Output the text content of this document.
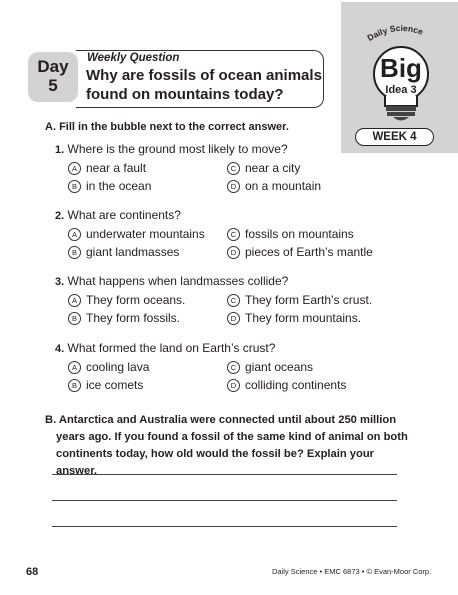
Day
5
Weekly Question
Why are fossils of ocean animals
found on mountains today?
Daily Science
Big
Idea 3
WEEK 4
A. Fill in the bubble next to the correct answer.
1. Where is the ground most likely to move?
A near a fault
B in the ocean
C near a city
D on a mountain
2. What are continents?
A underwater mountains
B giant landmasses
C fossils on mountains
D pieces of Earth’s mantle
3. What happens when landmasses collide?
A They form oceans.
B They form fossils.
C They form Earth’s crust.
D They form mountains.
4. What formed the land on Earth’s crust?
A cooling lava
B ice comets
C giant oceans
D colliding continents
B. Antarctica and Australia were connected until about 250 million
years ago. If you found a fossil of the same kind of animal on both
continents today, how old would the fossil be? Explain your answer.
68	Daily Science • EMC 6873 • © Evan-Moor Corp.
